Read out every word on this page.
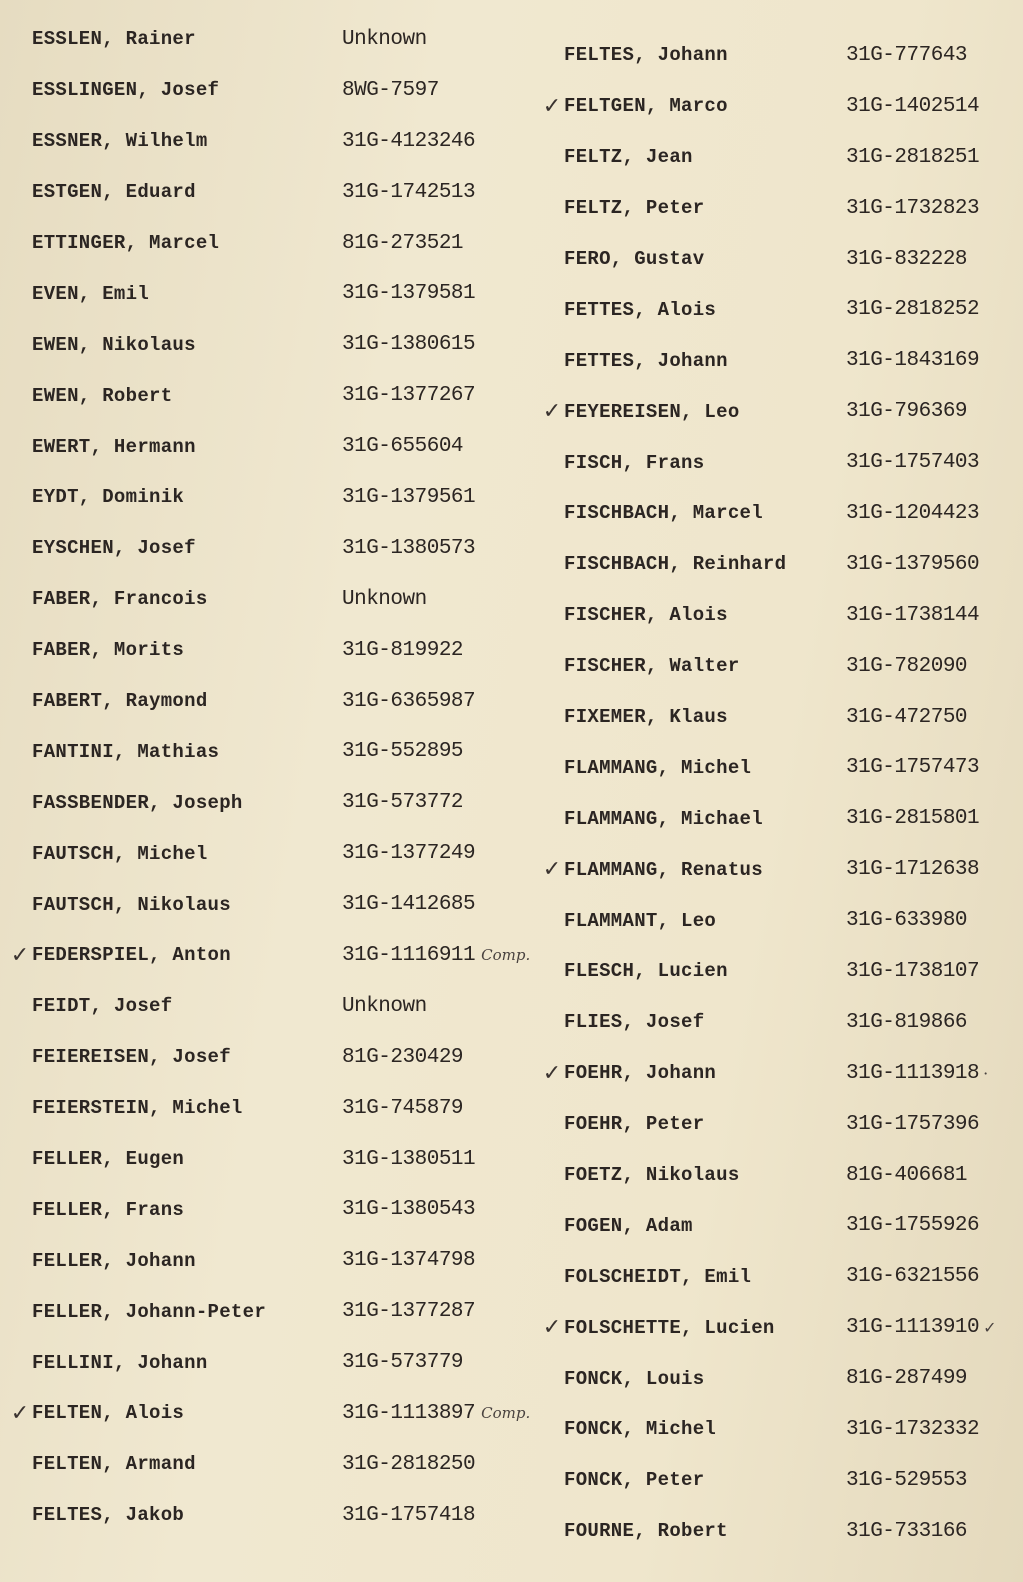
ESSLEN, Rainer	Unknown
ESSLINGEN, Josef	8WG-7597
ESSNER, Wilhelm	31G-4123246
ESTGEN, Eduard	31G-1742513
ETTINGER, Marcel	81G-273521
EVEN, Emil	31G-1379581
EWEN, Nikolaus	31G-1380615
EWEN, Robert	31G-1377267
EWERT, Hermann	31G-655604
EYDT, Dominik	31G-1379561
EYSCHEN, Josef	31G-1380573
FABER, Francois	Unknown
FABER, Morits	31G-819922
FABERT, Raymond	31G-6365987
FANTINI, Mathias	31G-552895
FASSBENDER, Joseph	31G-573772
FAUTSCH, Michel	31G-1377249
FAUTSCH, Nikolaus	31G-1412685
✓ FEDERSPIEL, Anton	31G-1116911 Comp.
FEIDT, Josef	Unknown
FEIEREISEN, Josef	81G-230429
FEIERSTEIN, Michel	31G-745879
FELLER, Eugen	31G-1380511
FELLER, Frans	31G-1380543
FELLER, Johann	31G-1374798
FELLER, Johann-Peter	31G-1377287
FELLINI, Johann	31G-573779
✓ FELTEN, Alois	31G-1113897 Comp.
FELTEN, Armand	31G-2818250
FELTES, Jakob	31G-1757418
FELTES, Johann	31G-777643
✓ FELTGEN, Marco	31G-1402514
FELTZ, Jean	31G-2818251
FELTZ, Peter	31G-1732823
FERO, Gustav	31G-832228
FETTES, Alois	31G-2818252
FETTES, Johann	31G-1843169
✓ FEYEREISEN, Leo	31G-796369
FISCH, Frans	31G-1757403
FISCHBACH, Marcel	31G-1204423
FISCHBACH, Reinhard	31G-1379560
FISCHER, Alois	31G-1738144
FISCHER, Walter	31G-782090
FIXEMER, Klaus	31G-472750
FLAMMANG, Michel	31G-1757473
FLAMMANG, Michael	31G-2815801
✓ FLAMMANG, Renatus	31G-1712638
FLAMMANT, Leo	31G-633980
FLESCH, Lucien	31G-1738107
FLIES, Josef	31G-819866
✓ FOEHR, Johann	31G-1113918 ·
FOEHR, Peter	31G-1757396
FOETZ, Nikolaus	81G-406681
FOGEN, Adam	31G-1755926
FOLSCHEIDT, Emil	31G-6321556
✓ FOLSCHETTE, Lucien	31G-1113910 ✓
FONCK, Louis	81G-287499
FONCK, Michel	31G-1732332
FONCK, Peter	31G-529553
FOURNE, Robert	31G-733166
